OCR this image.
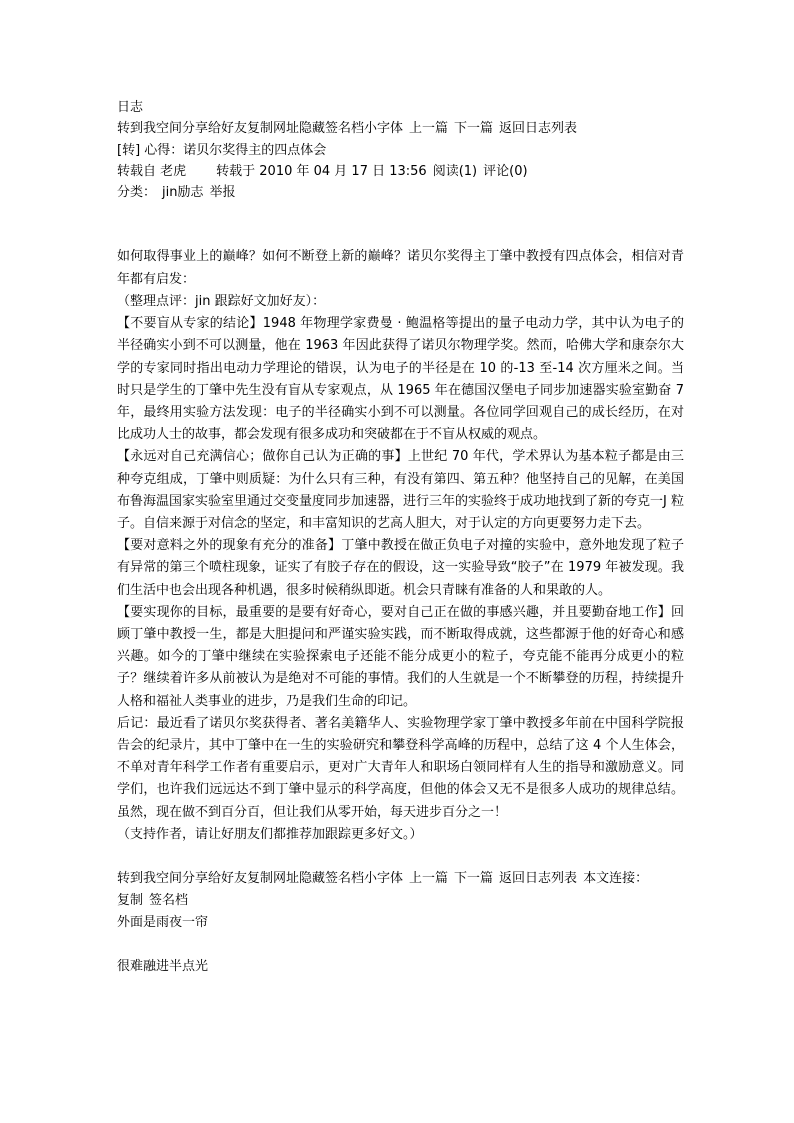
日志
转到我空间分享给好友复制网址隐藏签名档小字体 上一篇 下一篇 返回日志列表
[转] 心得：诺贝尔奖得主的四点体会
转载自 老虎 转载于 2010 年 04 月 17 日 13:56 阅读(1) 评论(0)
分类： jin励志 举报

如何取得事业上的巅峰？如何不断登上新的巅峰？诺贝尔奖得主丁肇中教授有四点体会，相信对青年都有启发：

（整理点评：jin 跟踪好文加好友）：

【不要盲从专家的结论】1948 年物理学家费曼 · 鲍温格等提出的量子电动力学，其中认为电子的半径确实小到不可以测量，他在 1963 年因此获得了诺贝尔物理学奖。然而，哈佛大学和康奈尔大学的专家同时指出电动力学理论的错误，认为电子的半径是在 10 的-13 至-14 次方厘米之间。当时只是学生的丁肇中先生没有盲从专家观点，从 1965 年在德国汉堡电子同步加速器实验室勤奋 7 年，最终用实验方法发现：电子的半径确实小到不可以测量。各位同学回观自己的成长经历，在对比成功人士的故事，都会发现有很多成功和突破都在于不盲从权威的观点。

【永远对自己充满信心；做你自己认为正确的事】上世纪 70 年代，学术界认为基本粒子都是由三种夸克组成，丁肇中则质疑：为什么只有三种，有没有第四、第五种？他坚持自己的见解，在美国布鲁海温国家实验室里通过交变量度同步加速器，进行三年的实验终于成功地找到了新的夸克一J 粒子。自信来源于对信念的坚定，和丰富知识的艺高人胆大，对于认定的方向更要努力走下去。

【要对意料之外的现象有充分的准备】丁肇中教授在做正负电子对撞的实验中，意外地发现了粒子有异常的第三个喷柱现象，证实了有胶子存在的假设，这一实验导致“胶子”在 1979 年被发现。我们生活中也会出现各种机遇，很多时候稍纵即逝。机会只青睐有准备的人和果敢的人。

【要实现你的目标，最重要的是要有好奇心，要对自己正在做的事感兴趣，并且要勤奋地工作】回顾丁肇中教授一生，都是大胆提问和严谨实验实践，而不断取得成就，这些都源于他的好奇心和感兴趣。如今的丁肇中继续在实验探索电子还能不能分成更小的粒子，夸克能不能再分成更小的粒子？继续着许多从前被认为是绝对不可能的事情。我们的人生就是一个不断攀登的历程，持续提升人格和福祉人类事业的进步，乃是我们生命的印记。

后记：最近看了诺贝尔奖获得者、著名美籍华人、实验物理学家丁肇中教授多年前在中国科学院报告会的纪录片，其中丁肇中在一生的实验研究和攀登科学高峰的历程中，总结了这 4 个人生体会，不单对青年科学工作者有重要启示，更对广大青年人和职场白领同样有人生的指导和激励意义。同学们，也许我们远远达不到丁肇中显示的科学高度，但他的体会又无不是很多人成功的规律总结。虽然，现在做不到百分百，但让我们从零开始，每天进步百分之一！

（支持作者，请让好朋友们都推荐加跟踪更多好文。）

转到我空间分享给好友复制网址隐藏签名档小字体 上一篇 下一篇 返回日志列表 本文连接：
复制 签名档
外面是雨夜一帘
很难融进半点光
